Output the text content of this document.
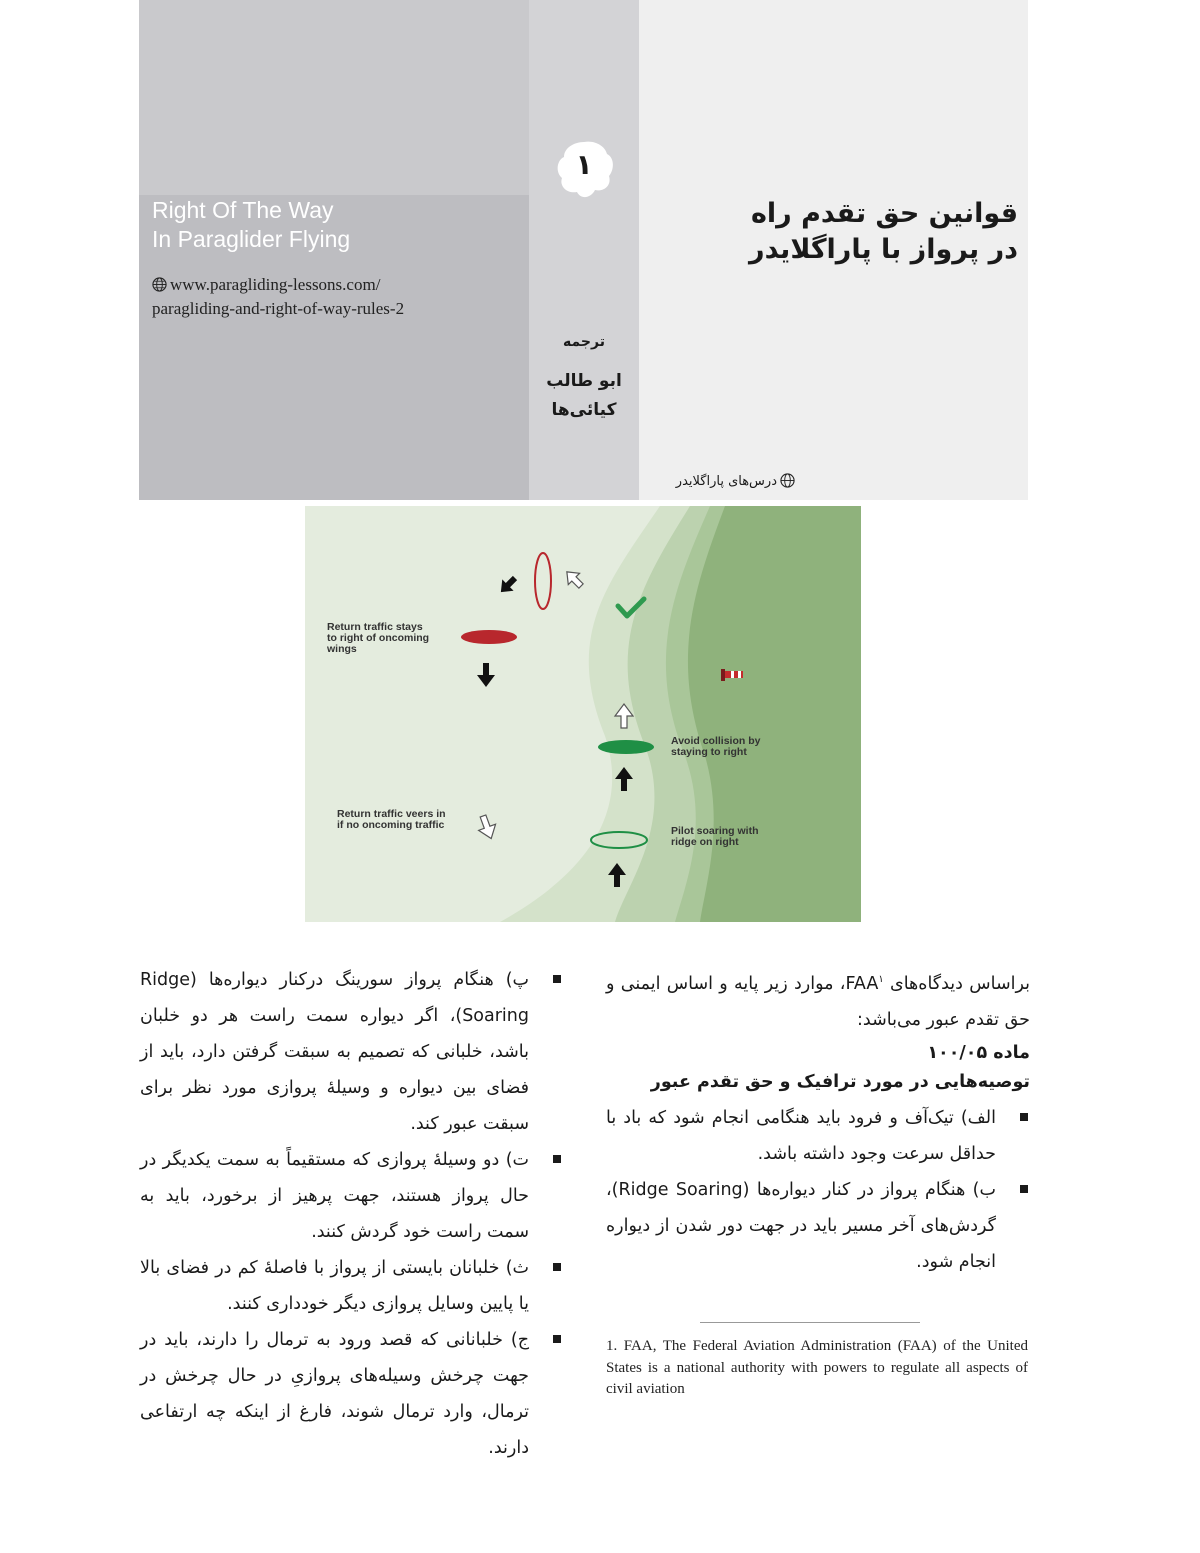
Right Of The Way
In Paraglider Flying
www.paragliding-lessons.com/
paragliding-and-right-of-way-rules-2
۱
ترجمه
ابو طالب
کیائی‌ها
قوانین حق تقدم راه
در پرواز با پاراگلایدر
درس‌های پاراگلایدر
Return traffic stays
to right of oncoming
wings
Avoid collision by
staying to right
Return traffic veers in
if no oncoming traffic	Pilot soaring with
ridge on right

براساس دیدگاه‌های FAA$^۱$، موارد زیر پایه و اساس ایمنی و حق تقدم عبور می‌باشد:

ماده ۱۰۰/۰۵
توصیه‌هایی در مورد ترافیک و حق تقدم عبور

الف) تیک‌آف و فرود باید هنگامی انجام شود که باد با حداقل سرعت وجود داشته باشد.

ب) هنگام پرواز در کنار دیواره‌ها (Ridge Soaring)، گردش‌های آخر مسیر باید در جهت دور شدن از دیواره انجام شود.

پ) هنگام پرواز سورینگ درکنار دیواره‌ها (Ridge Soaring)، اگر دیواره سمت راست هر دو خلبان باشد، خلبانی که تصمیم به سبقت گرفتن دارد، باید از فضای بین دیواره و وسیلهٔ پروازی مورد نظر برای سبقت عبور کند.

ت) دو وسیلهٔ پروازی که مستقیماً به سمت یکدیگر در حال پرواز هستند، جهت پرهیز از برخورد، باید به سمت راست خود گردش کنند.

ث) خلبانان بایستی از پرواز با فاصلهٔ کم در فضای بالا یا پایین وسایل پروازی دیگر خودداری کنند.

ج) خلبانانی که قصد ورود به ترمال را دارند، باید در جهت چرخش وسیله‌های پروازیِ در حال چرخش در ترمال، وارد ترمال شوند، فارغ از اینکه چه ارتفاعی دارند.

1. FAA, The Federal Aviation Administration (FAA) of the United States is a national authority with powers to regulate all aspects of civil aviation
